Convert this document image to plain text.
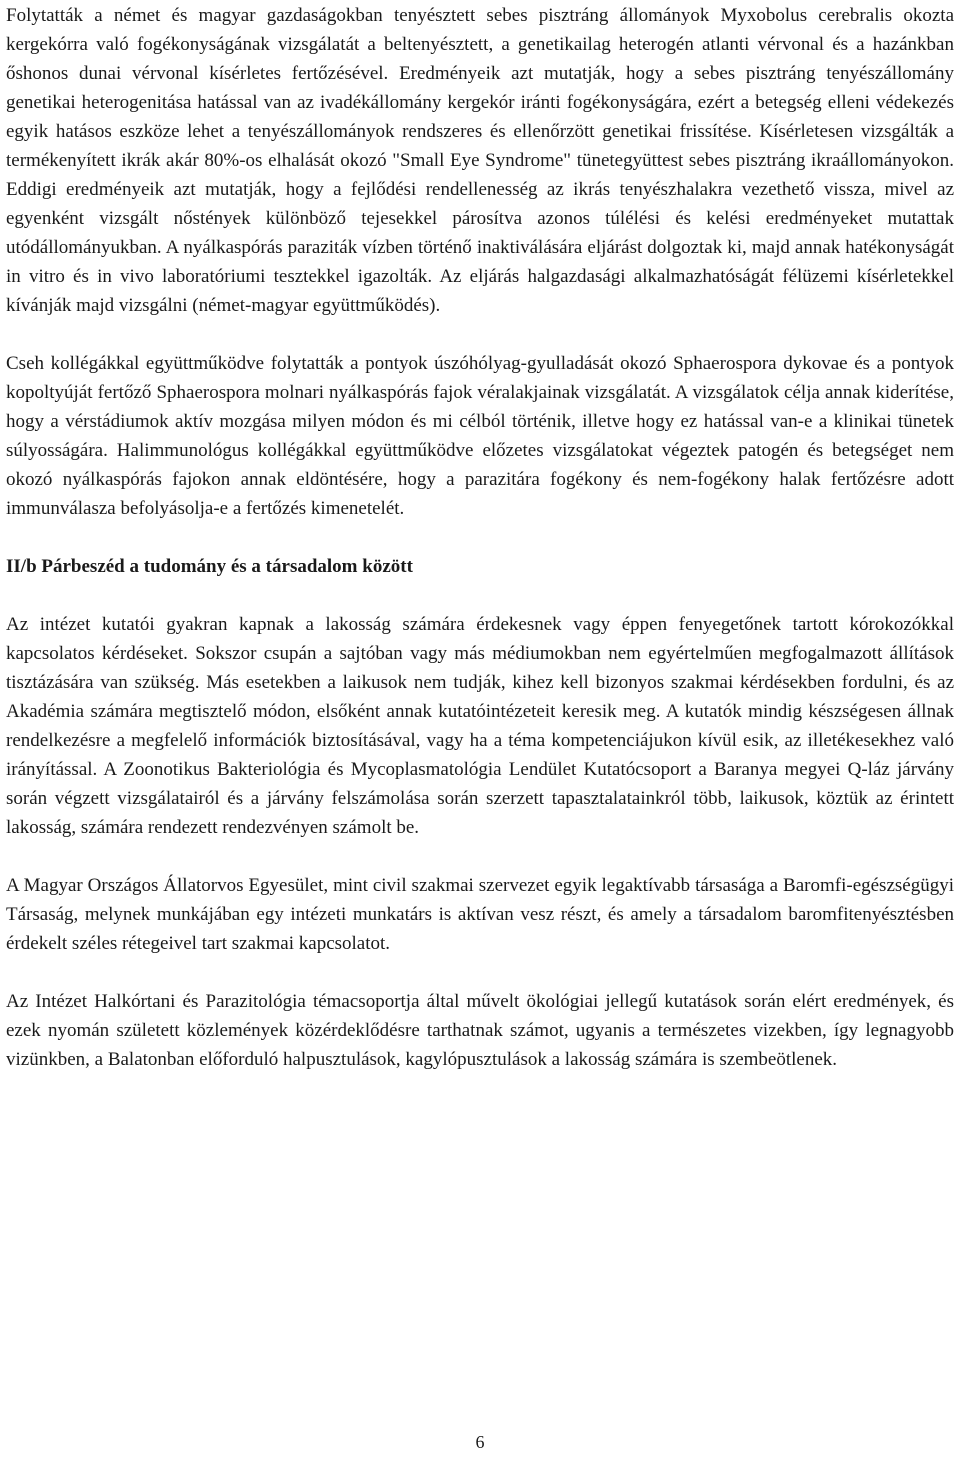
Folytatták a német és magyar gazdaságokban tenyésztett sebes pisztráng állományok Myxobolus cerebralis okozta kergekórra való fogékonyságának vizsgálatát a beltenyésztett, a genetikailag heterogén atlanti vérvonal és a hazánkban őshonos dunai vérvonal kísérletes fertőzésével. Eredményeik azt mutatják, hogy a sebes pisztráng tenyészállomány genetikai heterogenitása hatással van az ivadékállomány kergekór iránti fogékonyságára, ezért a betegség elleni védekezés egyik hatásos eszköze lehet a tenyészállományok rendszeres és ellenőrzött genetikai frissítése. Kísérletesen vizsgálták a termékenyített ikrák akár 80%-os elhalását okozó "Small Eye Syndrome" tünetegyüttest sebes pisztráng ikraállományokon. Eddigi eredményeik azt mutatják, hogy a fejlődési rendellenesség az ikrás tenyészhalakra vezethető vissza, mivel az egyenként vizsgált nőstények különböző tejesekkel párosítva azonos túlélési és kelési eredményeket mutattak utódállományukban. A nyálkaspórás paraziták vízben történő inaktiválására eljárást dolgoztak ki, majd annak hatékonyságát in vitro és in vivo laboratóriumi tesztekkel igazolták. Az eljárás halgazdasági alkalmazhatóságát félüzemi kísérletekkel kívánják majd vizsgálni (német-magyar együttműködés).

Cseh kollégákkal együttműködve folytatták a pontyok úszóhólyag-gyulladását okozó Sphaerospora dykovae és a pontyok kopoltyúját fertőző Sphaerospora molnari nyálkaspórás fajok véralakjainak vizsgálatát. A vizsgálatok célja annak kiderítése, hogy a vérstádiumok aktív mozgása milyen módon és mi célból történik, illetve hogy ez hatással van-e a klinikai tünetek súlyosságára. Halimmunológus kollégákkal együttműködve előzetes vizsgálatokat végeztek patogén és betegséget nem okozó nyálkaspórás fajokon annak eldöntésére, hogy a parazitára fogékony és nem-fogékony halak fertőzésre adott immunválasza befolyásolja-e a fertőzés kimenetelét.

II/b Párbeszéd a tudomány és a társadalom között

Az intézet kutatói gyakran kapnak a lakosság számára érdekesnek vagy éppen fenyegetőnek tartott kórokozókkal kapcsolatos kérdéseket. Sokszor csupán a sajtóban vagy más médiumokban nem egyértelműen megfogalmazott állítások tisztázására van szükség. Más esetekben a laikusok nem tudják, kihez kell bizonyos szakmai kérdésekben fordulni, és az Akadémia számára megtisztelő módon, elsőként annak kutatóintézeteit keresik meg. A kutatók mindig készségesen állnak rendelkezésre a megfelelő információk biztosításával, vagy ha a téma kompetenciájukon kívül esik, az illetékesekhez való irányítással. A Zoonotikus Bakteriológia és Mycoplasmatológia Lendület Kutatócsoport a Baranya megyei Q-láz járvány során végzett vizsgálatairól és a járvány felszámolása során szerzett tapasztalatainkról több, laikusok, köztük az érintett lakosság, számára rendezett rendezvényen számolt be.

A Magyar Országos Állatorvos Egyesület, mint civil szakmai szervezet egyik legaktívabb társasága a Baromfi-egészségügyi Társaság, melynek munkájában egy intézeti munkatárs is aktívan vesz részt, és amely a társadalom baromfitenyésztésben érdekelt széles rétegeivel tart szakmai kapcsolatot.

Az Intézet Halkórtani és Parazitológia témacsoportja által művelt ökológiai jellegű kutatások során elért eredmények, és ezek nyomán született közlemények közérdeklődésre tarthatnak számot, ugyanis a természetes vizekben, így legnagyobb vizünkben, a Balatonban előforduló halpusztulások, kagylópusztulások a lakosság számára is szembeötlenek.

6
